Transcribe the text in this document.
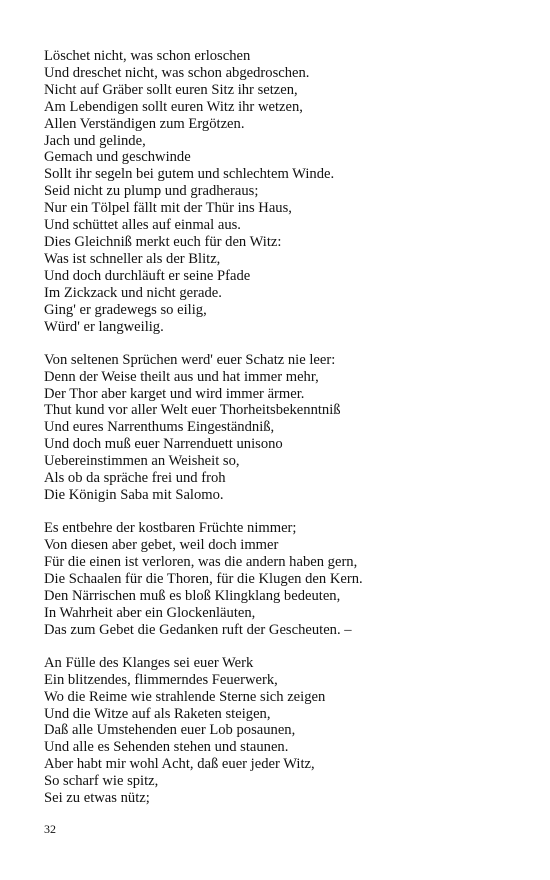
Löschet nicht, was schon erloschen
Und dreschet nicht, was schon abgedroschen.
Nicht auf Gräber sollt euren Sitz ihr setzen,
Am Lebendigen sollt euren Witz ihr wetzen,
Allen Verständigen zum Ergötzen.
Jach und gelinde,
Gemach und geschwinde
Sollt ihr segeln bei gutem und schlechtem Winde.
Seid nicht zu plump und gradheraus;
Nur ein Tölpel fällt mit der Thür ins Haus,
Und schüttet alles auf einmal aus.
Dies Gleichniß merkt euch für den Witz:
Was ist schneller als der Blitz,
Und doch durchläuft er seine Pfade
Im Zickzack und nicht gerade.
Ging' er gradewegs so eilig,
Würd' er langweilig.
Von seltenen Sprüchen werd' euer Schatz nie leer:
Denn der Weise theilt aus und hat immer mehr,
Der Thor aber karget und wird immer ärmer.
Thut kund vor aller Welt euer Thorheitsbekenntniß
Und eures Narrenthums Eingeständniß,
Und doch muß euer Narrenduett unisono
Uebereinstimmen an Weisheit so,
Als ob da spräche frei und froh
Die Königin Saba mit Salomo.
Es entbehre der kostbaren Früchte nimmer;
Von diesen aber gebet, weil doch immer
Für die einen ist verloren, was die andern haben gern,
Die Schaalen für die Thoren, für die Klugen den Kern.
Den Närrischen muß es bloß Klingklang bedeuten,
In Wahrheit aber ein Glockenläuten,
Das zum Gebet die Gedanken ruft der Gescheuten. –
An Fülle des Klanges sei euer Werk
Ein blitzendes, flimmerndes Feuerwerk,
Wo die Reime wie strahlende Sterne sich zeigen
Und die Witze auf als Raketen steigen,
Daß alle Umstehenden euer Lob posaunen,
Und alle es Sehenden stehen und staunen.
Aber habt mir wohl Acht, daß euer jeder Witz,
So scharf wie spitz,
Sei zu etwas nütz;
32
